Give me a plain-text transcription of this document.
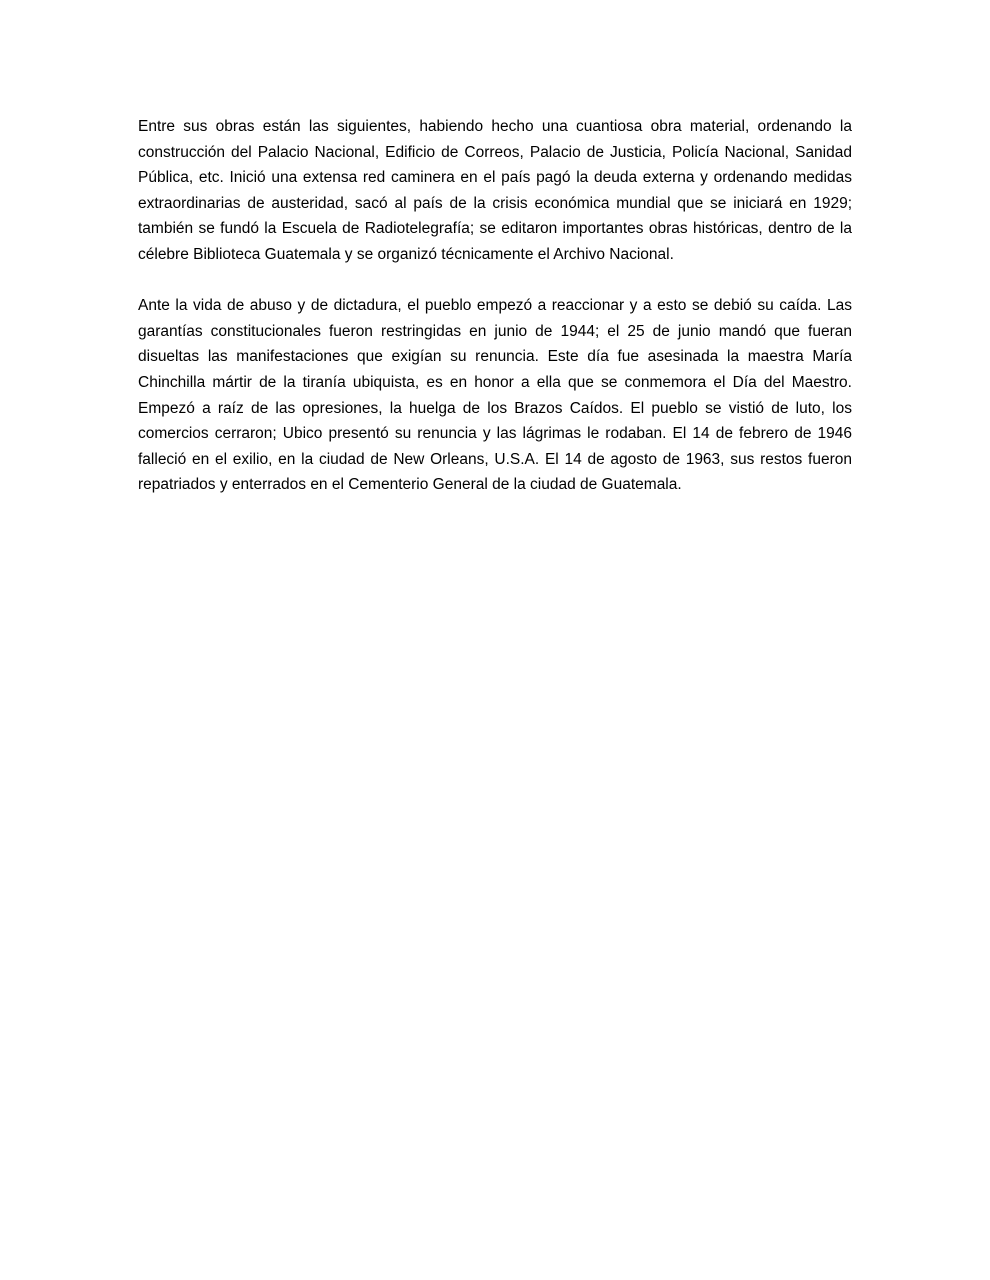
Entre sus obras están las siguientes, habiendo hecho una cuantiosa obra material, ordenando la construcción del Palacio Nacional, Edificio de Correos, Palacio de Justicia, Policía Nacional, Sanidad Pública, etc. Inició una extensa red caminera en el país pagó la deuda externa y ordenando medidas extraordinarias de austeridad, sacó al país de la crisis económica mundial que se iniciará en 1929; también se fundó la Escuela de Radiotelegrafía; se editaron importantes obras históricas, dentro de la célebre Biblioteca Guatemala y se organizó técnicamente el Archivo Nacional.

Ante la vida de abuso y de dictadura, el pueblo empezó a reaccionar y a esto se debió su caída. Las garantías constitucionales fueron restringidas en junio de 1944; el 25 de junio mandó que fueran disueltas las manifestaciones que exigían su renuncia. Este día fue asesinada la maestra María Chinchilla mártir de la tiranía ubiquista, es en honor a ella que se conmemora el Día del Maestro. Empezó a raíz de las opresiones, la huelga de los Brazos Caídos. El pueblo se vistió de luto, los comercios cerraron; Ubico presentó su renuncia y las lágrimas le rodaban. El 14 de febrero de 1946 falleció en el exilio, en la ciudad de New Orleans, U.S.A. El 14 de agosto de 1963, sus restos fueron repatriados y enterrados en el Cementerio General de la ciudad de Guatemala.
